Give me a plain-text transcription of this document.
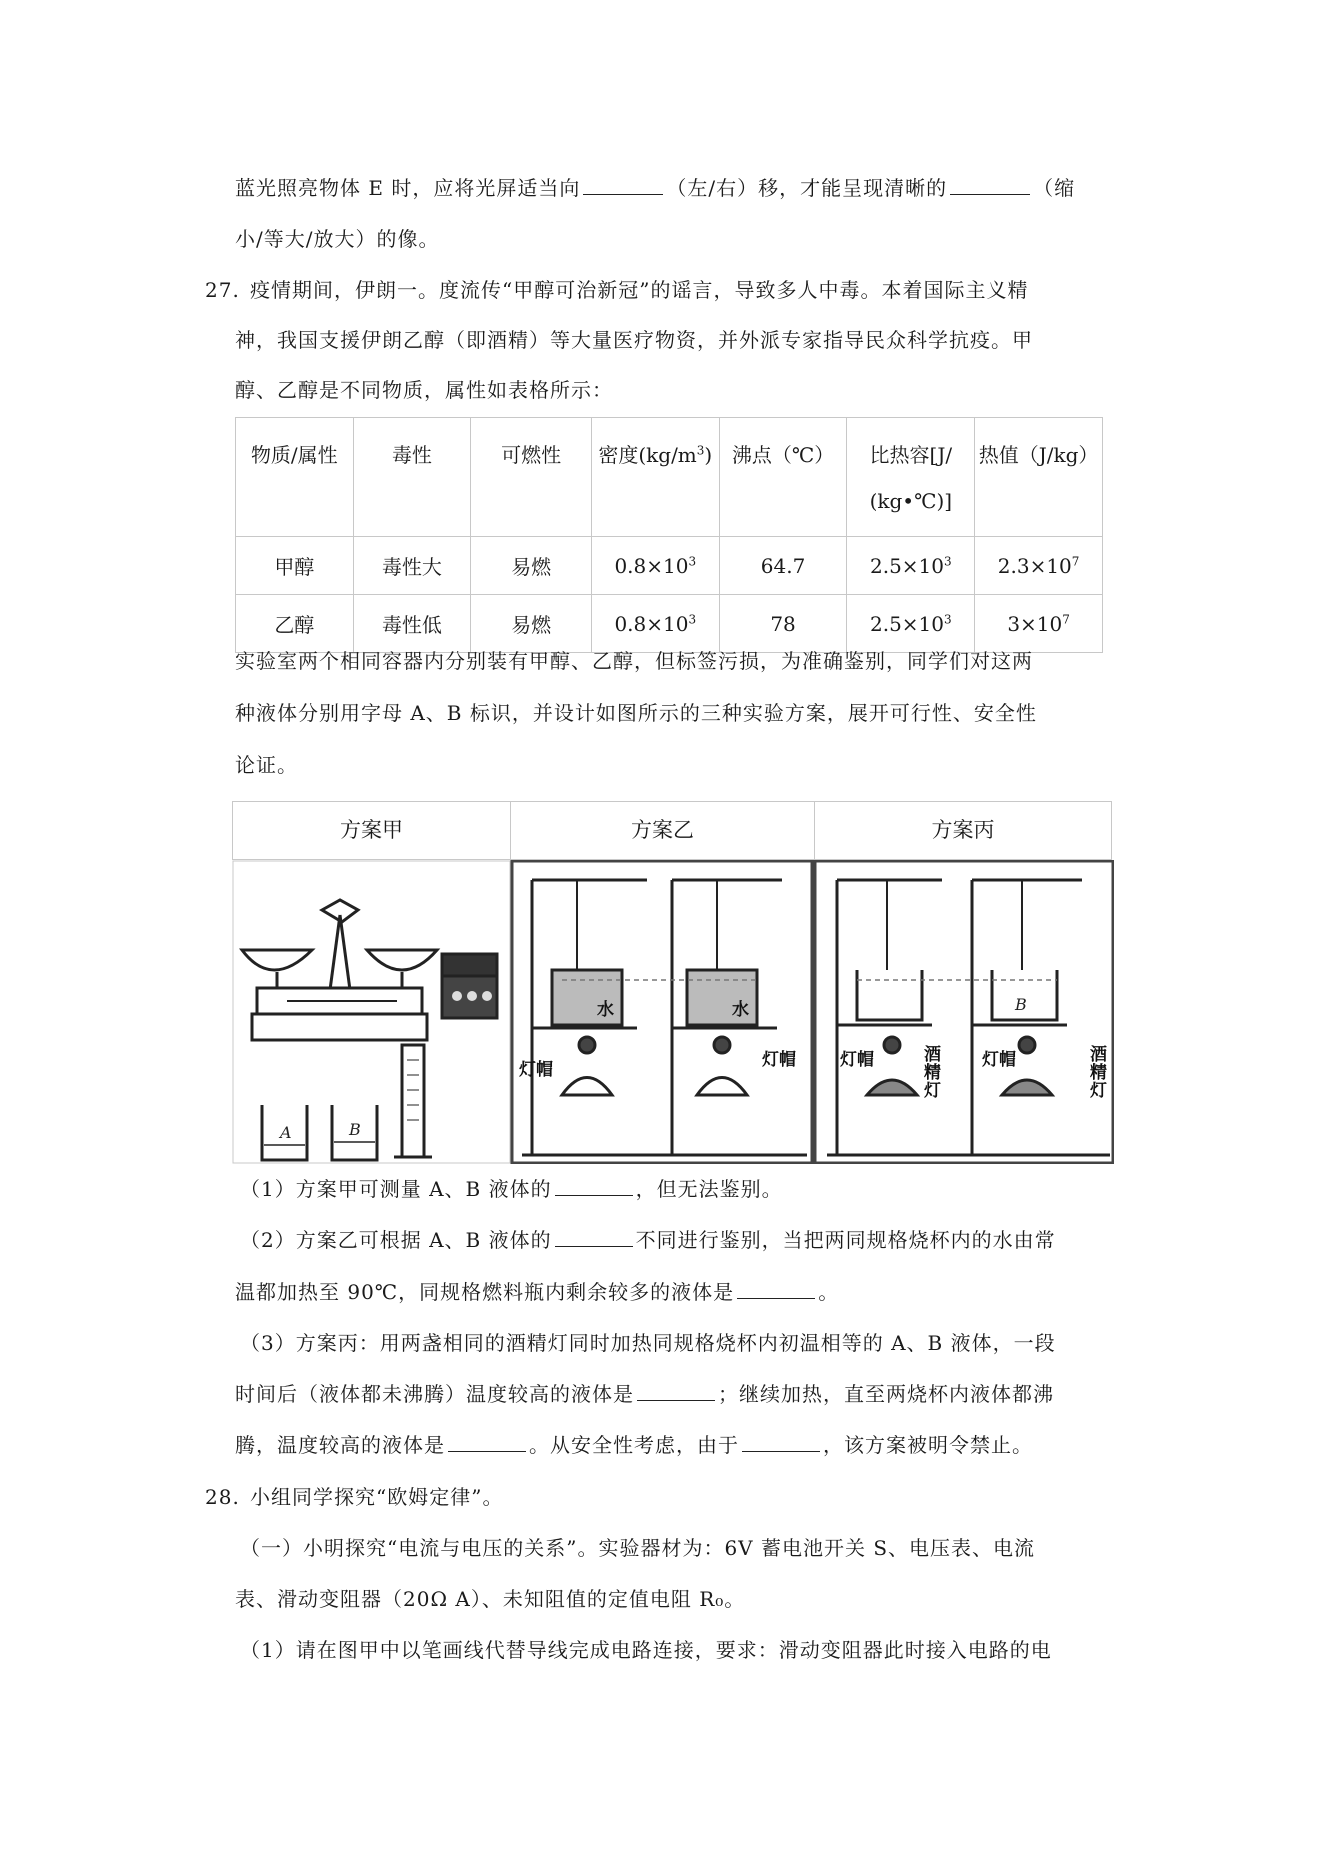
蓝光照亮物体 E 时，应将光屏适当向	（左/右）移，才能呈现清晰的	（缩
小/等大/放大）的像。
27. 疫情期间，伊朗一。度流传“甲醇可治新冠”的谣言，导致多人中毒。本着国际主义精
神，我国支援伊朗乙醇（即酒精）等大量医疗物资，并外派专家指导民众科学抗疫。甲
醇、乙醇是不同物质，属性如表格所示：
物质/属性	毒性	可燃性	密度$(kg/m^3)$	沸点（℃）	比热容[J/
(kg•℃)]	热值（J/kg）
甲醇	毒性大	易燃	$0.8\times 10^3$	64.7	$2.5\times 10^3$	$2.3\times 10^7$
乙醇	毒性低	易燃	$0.8\times 10^3$	78	$2.5\times 10^3$	$3\times 10^7$
实验室两个相同容器内分别装有甲醇、乙醇，但标签污损，为准确鉴别，同学们对这两
种液体分别用字母 A、B 标识，并设计如图所示的三种实验方案，展开可行性、安全性
论证。
方案甲	方案乙	方案丙
A	B
B
水	水
灯帽	灯帽	灯帽	灯帽
酒
精
灯
酒
精
灯
（1）方案甲可测量 A、B 液体的	，但无法鉴别。
（2）方案乙可根据 A、B 液体的	不同进行鉴别，当把两同规格烧杯内的水由常
温都加热至 90℃，同规格燃料瓶内剩余较多的液体是	。
（3）方案丙：用两盏相同的酒精灯同时加热同规格烧杯内初温相等的 A、B 液体，一段
时间后（液体都未沸腾）温度较高的液体是	；继续加热，直至两烧杯内液体都沸
腾，温度较高的液体是	。从安全性考虑，由于	，该方案被明令禁止。
28. 小组同学探究“欧姆定律”。
（一）小明探究“电流与电压的关系”。实验器材为：6V 蓄电池开关 S、电压表、电流
表、滑动变阻器（20Ω A）、未知阻值的定值电阻 R₀。
（1）请在图甲中以笔画线代替导线完成电路连接，要求：滑动变阻器此时接入电路的电
